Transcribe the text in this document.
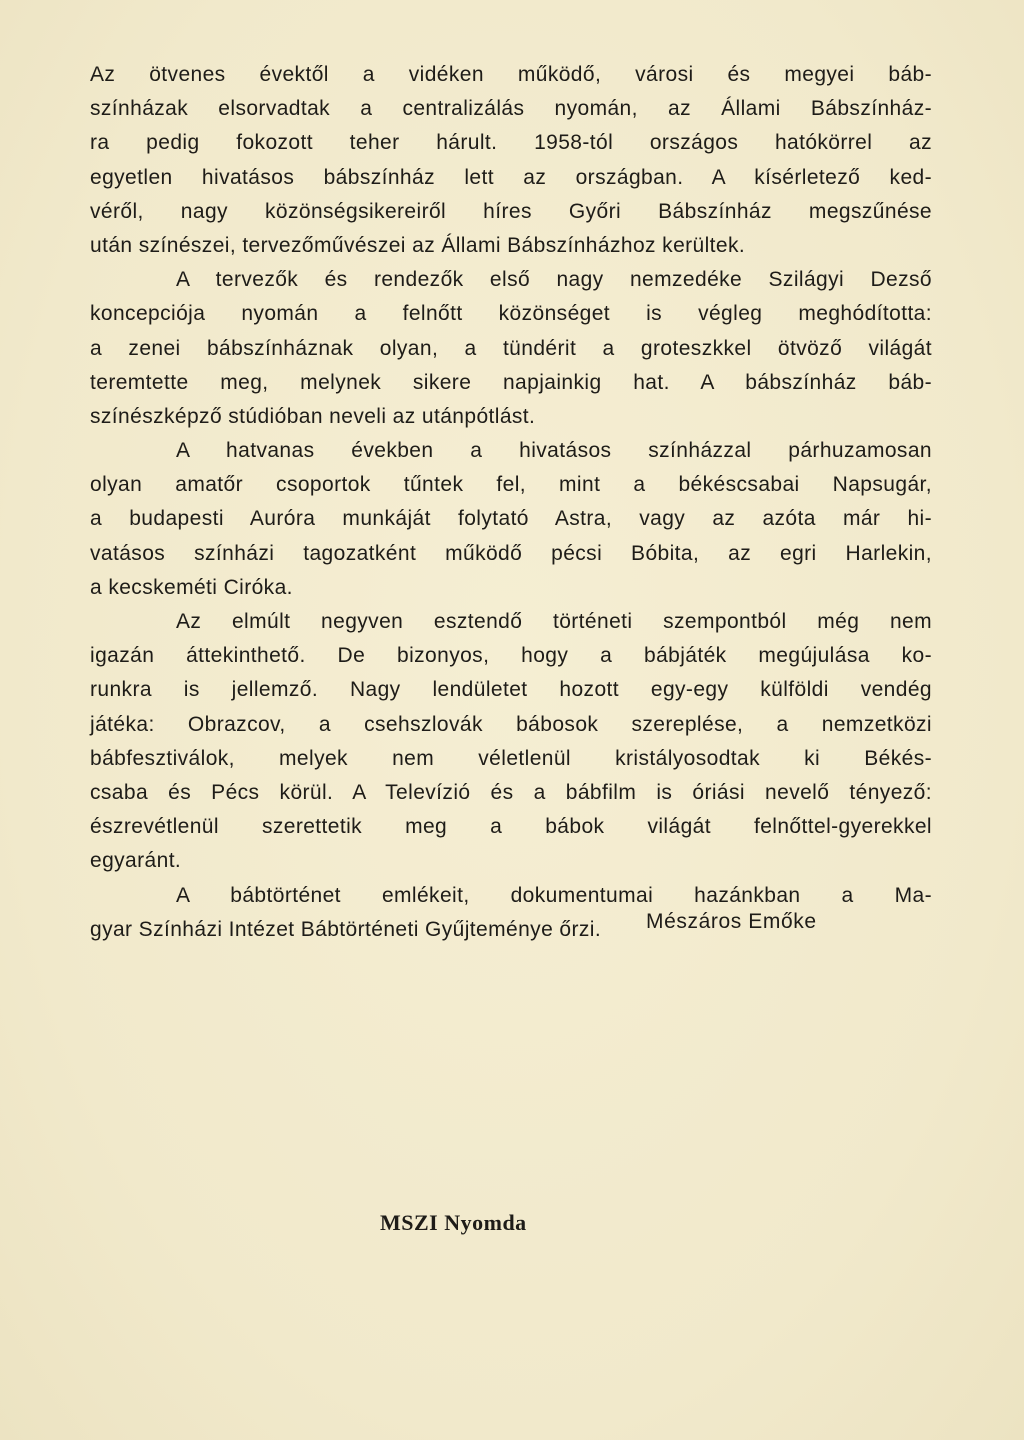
Az ötvenes évektől a vidéken működő, városi és megyei báb-
színházak elsorvadtak a centralizálás nyomán, az Állami Bábszínház-
ra pedig fokozott teher hárult. 1958-tól országos hatókörrel az
egyetlen hivatásos bábszínház lett az országban. A kísérletező ked-
véről, nagy közönségsikereiről híres Győri Bábszínház megszűnése
után színészei, tervezőművészei az Állami Bábszínházhoz kerültek.
A tervezők és rendezők első nagy nemzedéke Szilágyi Dezső
koncepciója nyomán a felnőtt közönséget is végleg meghódította:
a zenei bábszínháznak olyan, a tündérit a groteszkkel ötvöző világát
teremtette meg, melynek sikere napjainkig hat. A bábszínház báb-
színészképző stúdióban neveli az utánpótlást.
A hatvanas években a hivatásos színházzal párhuzamosan
olyan amatőr csoportok tűntek fel, mint a békéscsabai Napsugár,
a budapesti Auróra munkáját folytató Astra, vagy az azóta már hi-
vatásos színházi tagozatként működő pécsi Bóbita, az egri Harlekin,
a kecskeméti Ciróka.
Az elmúlt negyven esztendő történeti szempontból még nem
igazán áttekinthető. De bizonyos, hogy a bábjáték megújulása ko-
runkra is jellemző. Nagy lendületet hozott egy-egy külföldi vendég
játéka: Obrazcov, a csehszlovák bábosok szereplése, a nemzetközi
bábfesztiválok, melyek nem véletlenül kristályosodtak ki Békés-
csaba és Pécs körül. A Televízió és a bábfilm is óriási nevelő tényező:
észrevétlenül szerettetik meg a bábok világát felnőttel-gyerekkel
egyaránt.
A bábtörténet emlékeit, dokumentumai hazánkban a Ma-
gyar Színházi Intézet Bábtörténeti Gyűjteménye őrzi.	Mészáros Emőke
MSZI Nyomda
